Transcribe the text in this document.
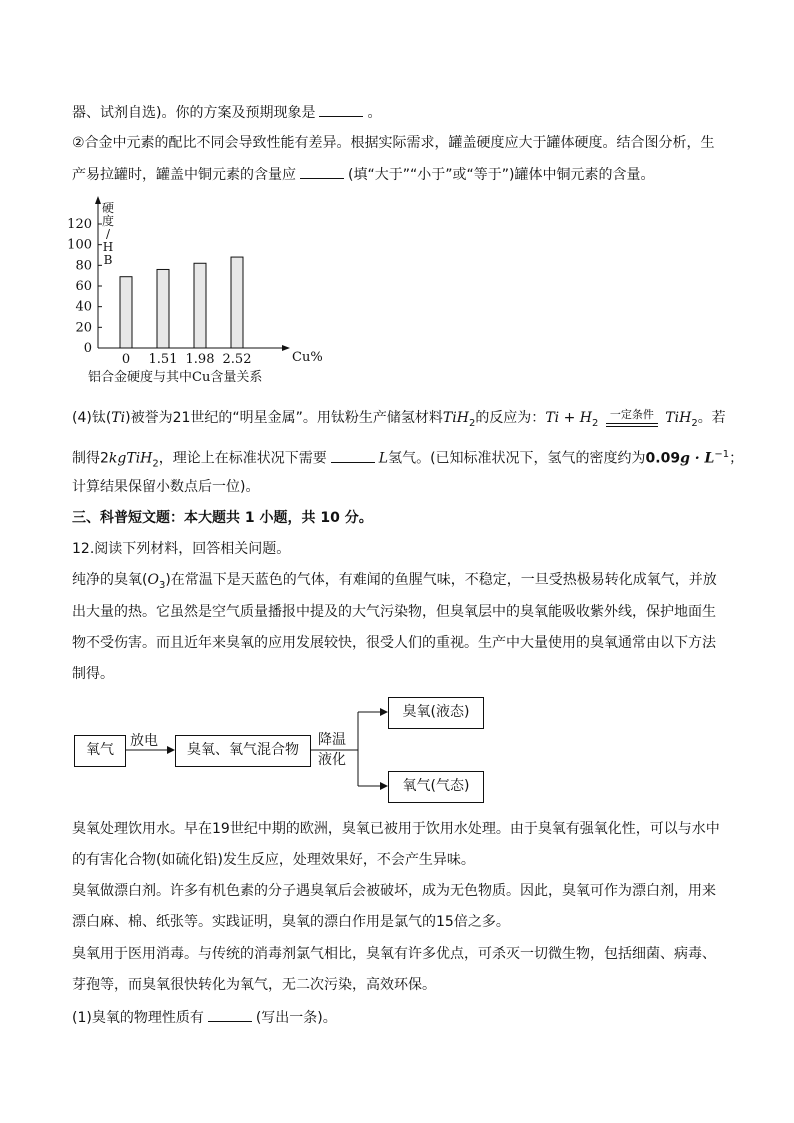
器、试剂自选)。你的方案及预期现象是	。
②合金中元素的配比不同会导致性能有差异。根据实际需求，罐盖硬度应大于罐体硬度。结合图分析，生
产易拉罐时，罐盖中铜元素的含量应	(填“大于”“小于”或“等于”)罐体中铜元素的含量。
0
20
40
60
80
100
120
硬
度
/
H
B
0 1.51 1.98 2.52	Cu%
铝合金硬度与其中Cu含量关系
(4)钛(Ti)被誉为21世纪的“明星金属”。用钛粉生产储氢材料TiH$_2$的反应为：$Ti + H_2$
一定条件 TiH$_2$。若
制得2kgTiH$_2$，理论上在标准状况下需要	L氢气。(已知标准状况下，氢气的密度约为$0.09g \cdot L^{-1}$；
计算结果保留小数点后一位)。
三、科普短文题：本大题共 1 小题，共 10 分。
12.阅读下列材料，回答相关问题。
纯净的臭氧$(O_3)$在常温下是天蓝色的气体，有难闻的鱼腥气味，不稳定，一旦受热极易转化成氧气，并放
出大量的热。它虽然是空气质量播报中提及的大气污染物，但臭氧层中的臭氧能吸收紫外线，保护地面生
物不受伤害。而且近年来臭氧的应用发展较快，很受人们的重视。生产中大量使用的臭氧通常由以下方法
制得。
氧气
放电
臭氧、氧气混合物
降温
液化
臭氧(液态)
氧气(气态)
臭氧处理饮用水。早在19世纪中期的欧洲，臭氧已被用于饮用水处理。由于臭氧有强氧化性，可以与水中
的有害化合物(如硫化铅)发生反应，处理效果好，不会产生异味。
臭氧做漂白剂。许多有机色素的分子遇臭氧后会被破坏，成为无色物质。因此，臭氧可作为漂白剂，用来
漂白麻、棉、纸张等。实践证明，臭氧的漂白作用是氯气的15倍之多。
臭氧用于医用消毒。与传统的消毒剂氯气相比，臭氧有许多优点，可杀灭一切微生物，包括细菌、病毒、
芽孢等，而臭氧很快转化为氧气，无二次污染，高效环保。
(1)臭氧的物理性质有	(写出一条)。
